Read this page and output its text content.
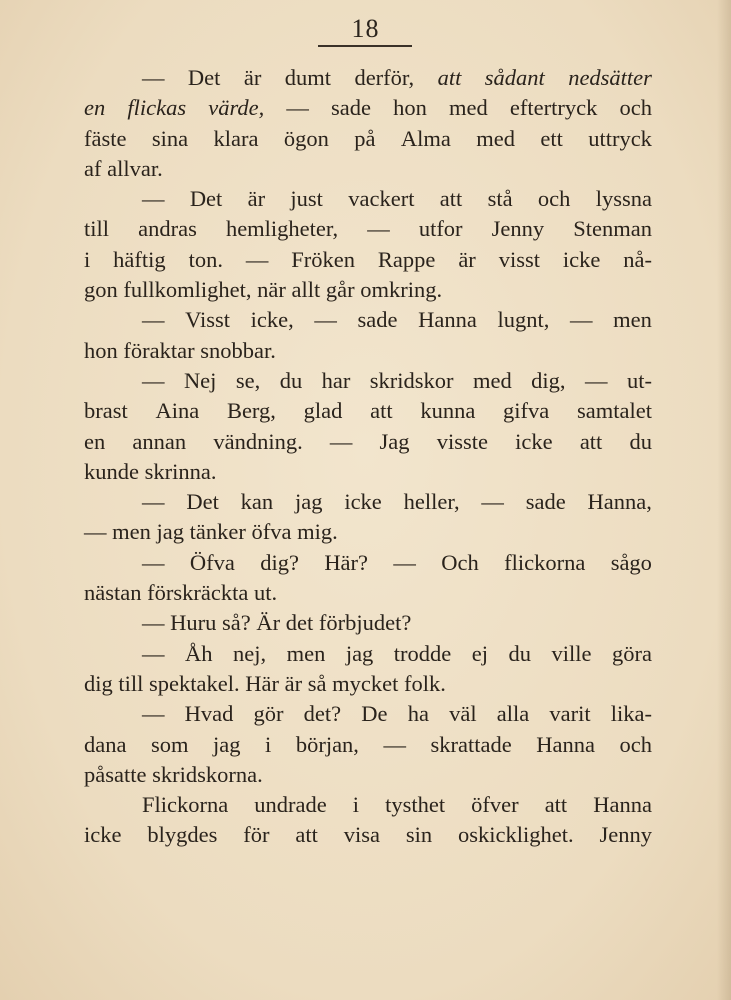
18
— Det är dumt derför, att sådant nedsätter
en flickas värde, — sade hon med eftertryck och
fäste sina klara ögon på Alma med ett uttryck
af
allvar.
— Det är just vackert att stå och lyssna
till andras hemligheter, — utfor Jenny Stenman
i häftig ton. — Fröken Rappe är visst icke nå-
gon
fullkomlighet,
när
allt
går
omkring.
— Visst icke, — sade Hanna lugnt, — men
hon
föraktar
snobbar.
— Nej se, du har skridskor med dig, — ut-
brast Aina Berg, glad att kunna gifva samtalet
en annan vändning. — Jag visste icke att du
kunde
skrinna.
— Det kan jag icke heller, — sade Hanna,
—
men
jag
tänker
öfva
mig.
— Öfva dig? Här? — Och flickorna sågo
nästan
förskräckta
ut.
—
Huru
så?
Är
det
förbjudet?
— Åh nej, men jag trodde ej du ville göra
dig
till
spektakel.
Här
är
så
mycket
folk.
— Hvad gör det? De ha väl alla varit lika-
dana som jag i början, — skrattade Hanna och
påsatte
skridskorna.
Flickorna undrade i tysthet öfver att Hanna
icke blygdes för att visa sin oskicklighet. Jenny
